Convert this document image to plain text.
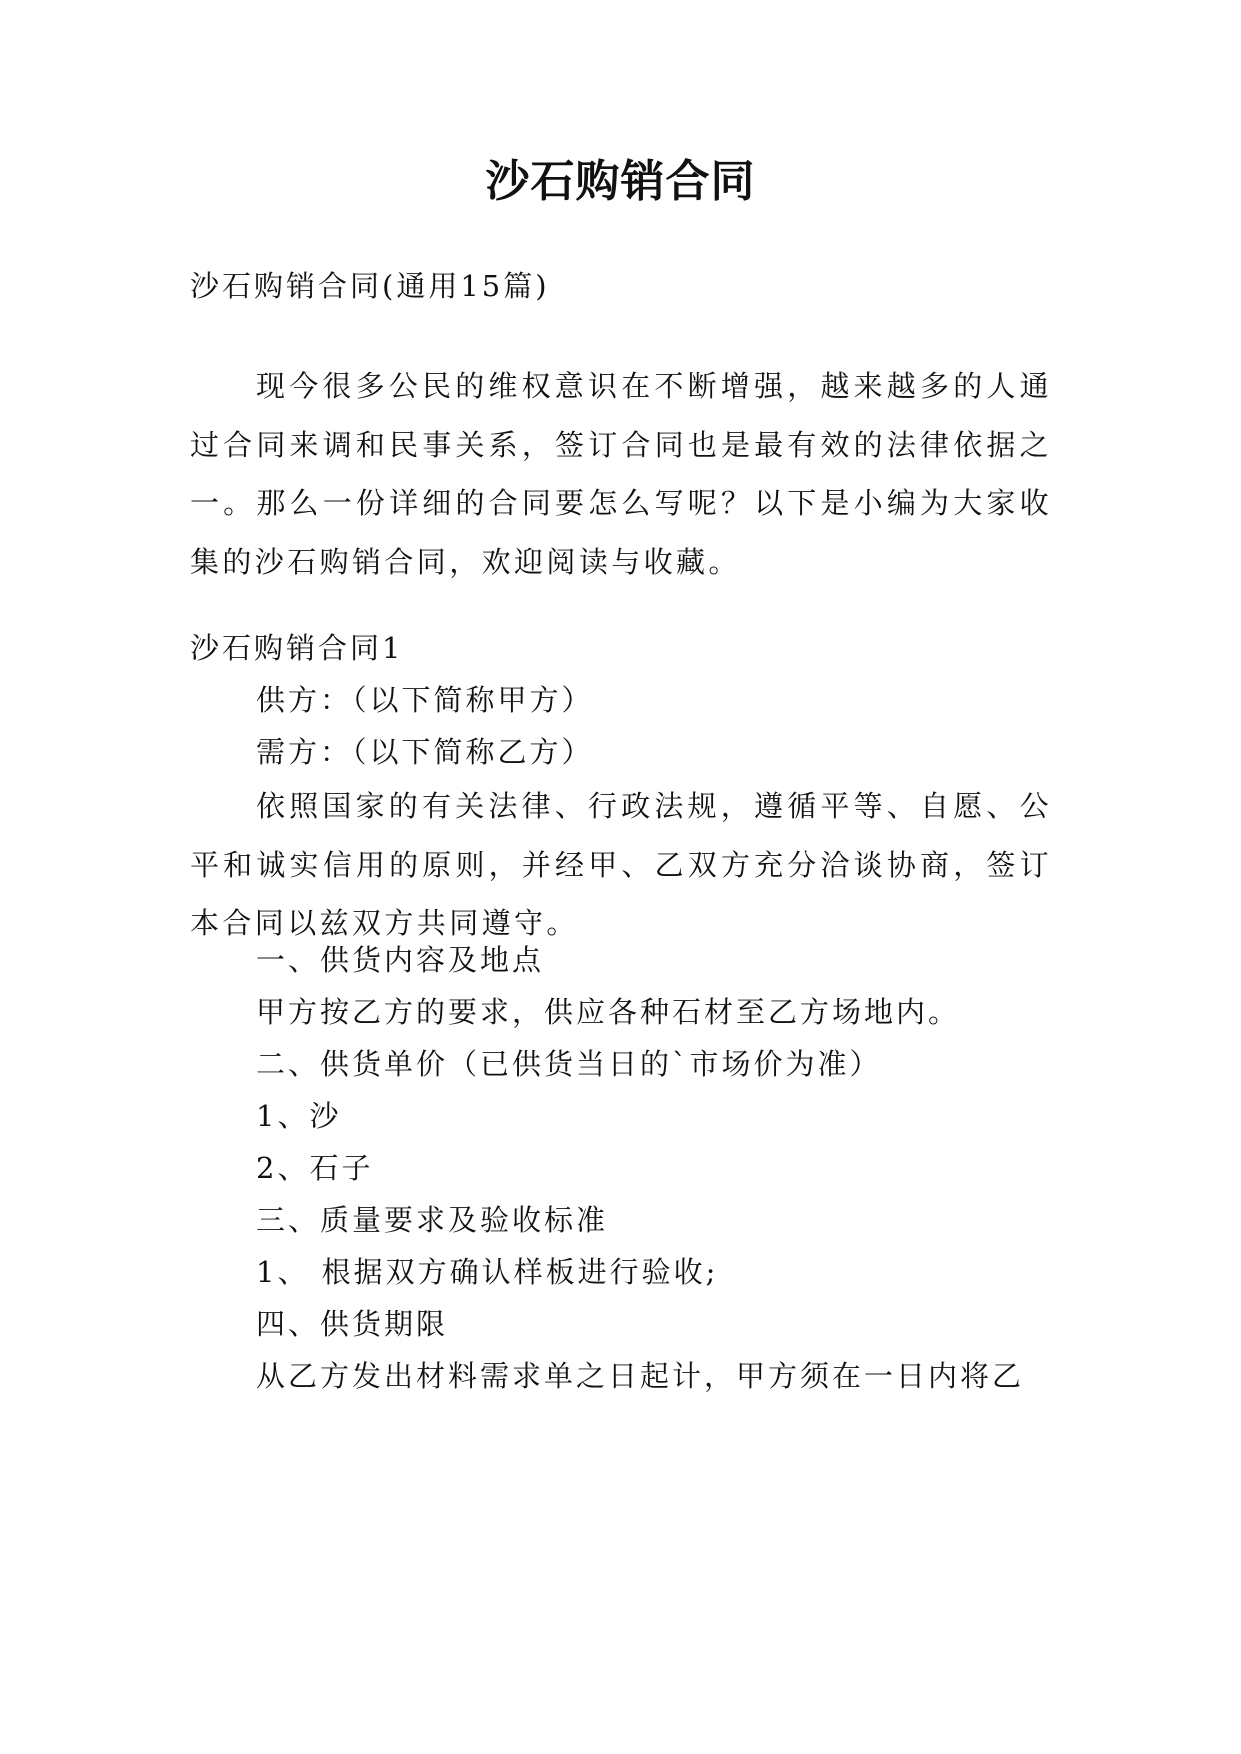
沙石购销合同
沙石购销合同(通用15篇)
现今很多公民的维权意识在不断增强，越来越多的人通过合同来调和民事关系，签订合同也是最有效的法律依据之一。那么一份详细的合同要怎么写呢？以下是小编为大家收集的沙石购销合同，欢迎阅读与收藏。
沙石购销合同1
供方：（以下简称甲方）
需方：（以下简称乙方）
依照国家的有关法律、行政法规，遵循平等、自愿、公平和诚实信用的原则，并经甲、乙双方充分洽谈协商，签订本合同以兹双方共同遵守。
一、供货内容及地点
甲方按乙方的要求，供应各种石材至乙方场地内。
二、供货单价（已供货当日的`市场价为准）
1、沙
2、石子
三、质量要求及验收标准
1、 根据双方确认样板进行验收;
四、供货期限
从乙方发出材料需求单之日起计，甲方须在一日内将乙
